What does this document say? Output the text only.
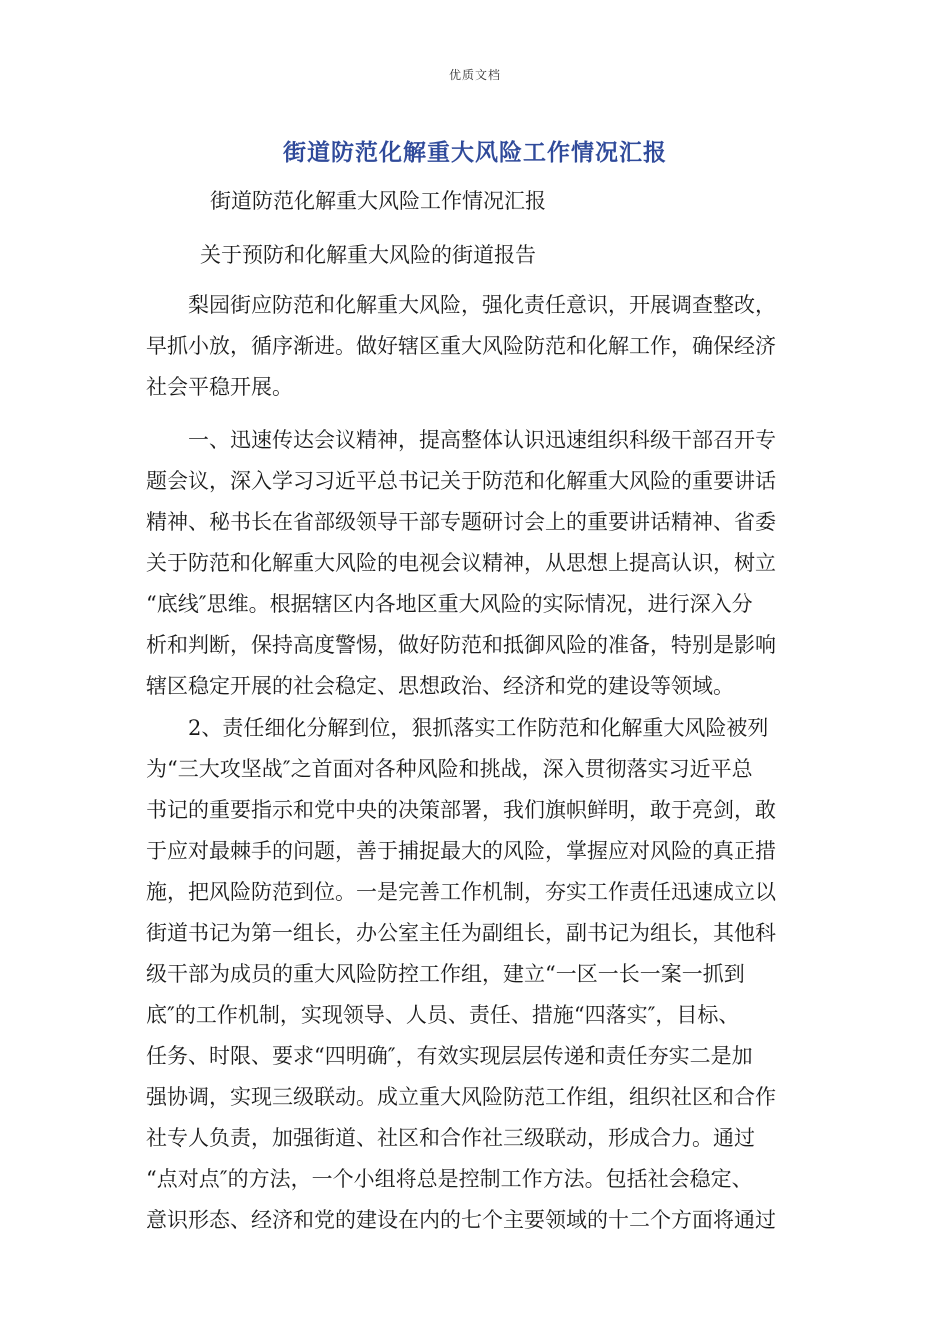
优质文档
街道防范化解重大风险工作情况汇报
街道防范化解重大风险工作情况汇报
关于预防和化解重大风险的街道报告
　　梨园街应防范和化解重大风险，强化责任意识，开展调查整改，
早抓小放，循序渐进。做好辖区重大风险防范和化解工作，确保经济
社会平稳开展。
　　一、迅速传达会议精神，提高整体认识迅速组织科级干部召开专
题会议，深入学习习近平总书记关于防范和化解重大风险的重要讲话
精神、秘书长在省部级领导干部专题研讨会上的重要讲话精神、省委
关于防范和化解重大风险的电视会议精神，从思想上提高认识，树立
“底线″思维。根据辖区内各地区重大风险的实际情况，进行深入分
析和判断，保持高度警惕，做好防范和抵御风险的准备，特别是影响
辖区稳定开展的社会稳定、思想政治、经济和党的建设等领域。
　　2、责任细化分解到位，狠抓落实工作防范和化解重大风险被列
为“三大攻坚战″之首面对各种风险和挑战，深入贯彻落实习近平总
书记的重要指示和党中央的决策部署，我们旗帜鲜明，敢于亮剑，敢
于应对最棘手的问题，善于捕捉最大的风险，掌握应对风险的真正措
施，把风险防范到位。一是完善工作机制，夯实工作责任迅速成立以
街道书记为第一组长，办公室主任为副组长，副书记为组长，其他科
级干部为成员的重大风险防控工作组，建立“一区一长一案一抓到
底″的工作机制，实现领导、人员、责任、措施“四落实″，目标、
任务、时限、要求“四明确″，有效实现层层传递和责任夯实二是加
强协调，实现三级联动。成立重大风险防范工作组，组织社区和合作
社专人负责，加强街道、社区和合作社三级联动，形成合力。通过
“点对点″的方法，一个小组将总是控制工作方法。包括社会稳定、
意识形态、经济和党的建设在内的七个主要领域的十二个方面将通过
